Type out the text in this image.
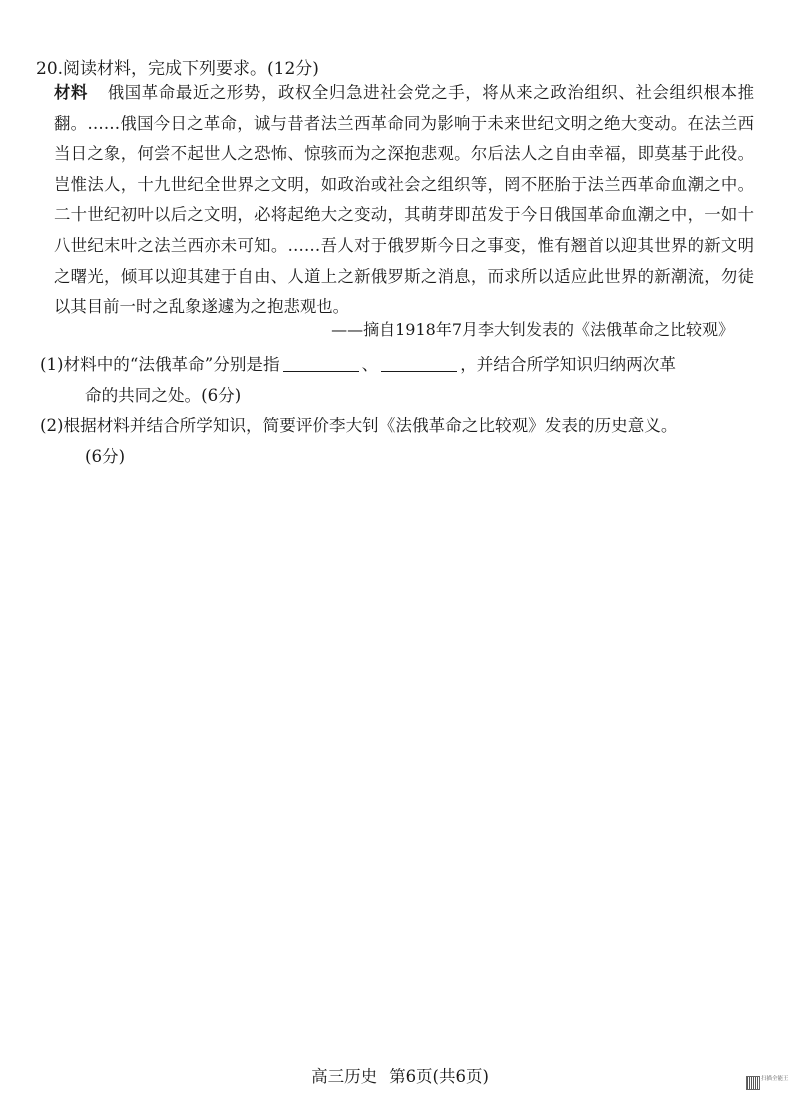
20.阅读材料，完成下列要求。(12分)
材料 俄国革命最近之形势，政权全归急进社会党之手，将从来之政治组织、社会组织根本推翻。……俄国今日之革命，诚与昔者法兰西革命同为影响于未来世纪文明之绝大变动。在法兰西当日之象，何尝不起世人之恐怖、惊骇而为之深抱悲观。尔后法人之自由幸福，即莫基于此役。岂惟法人，十九世纪全世界之文明，如政治或社会之组织等，罔不胚胎于法兰西革命血潮之中。二十世纪初叶以后之文明，必将起绝大之变动，其萌芽即茁发于今日俄国革命血潮之中，一如十八世纪末叶之法兰西亦未可知。……吾人对于俄罗斯今日之事变，惟有翘首以迎其世界的新文明之曙光，倾耳以迎其建于自由、人道上之新俄罗斯之消息，而求所以适应此世界的新潮流，勿徒以其目前一时之乱象遂遽为之抱悲观也。
——摘自1918年7月李大钊发表的《法俄革命之比较观》
(1)材料中的“法俄革命”分别是指	、	，并结合所学知识归纳两次革
命的共同之处。(6分)
(2)根据材料并结合所学知识，简要评价李大钊《法俄革命之比较观》发表的历史意义。
(6分)
高三历史 第6页(共6页)	扫描全能王
